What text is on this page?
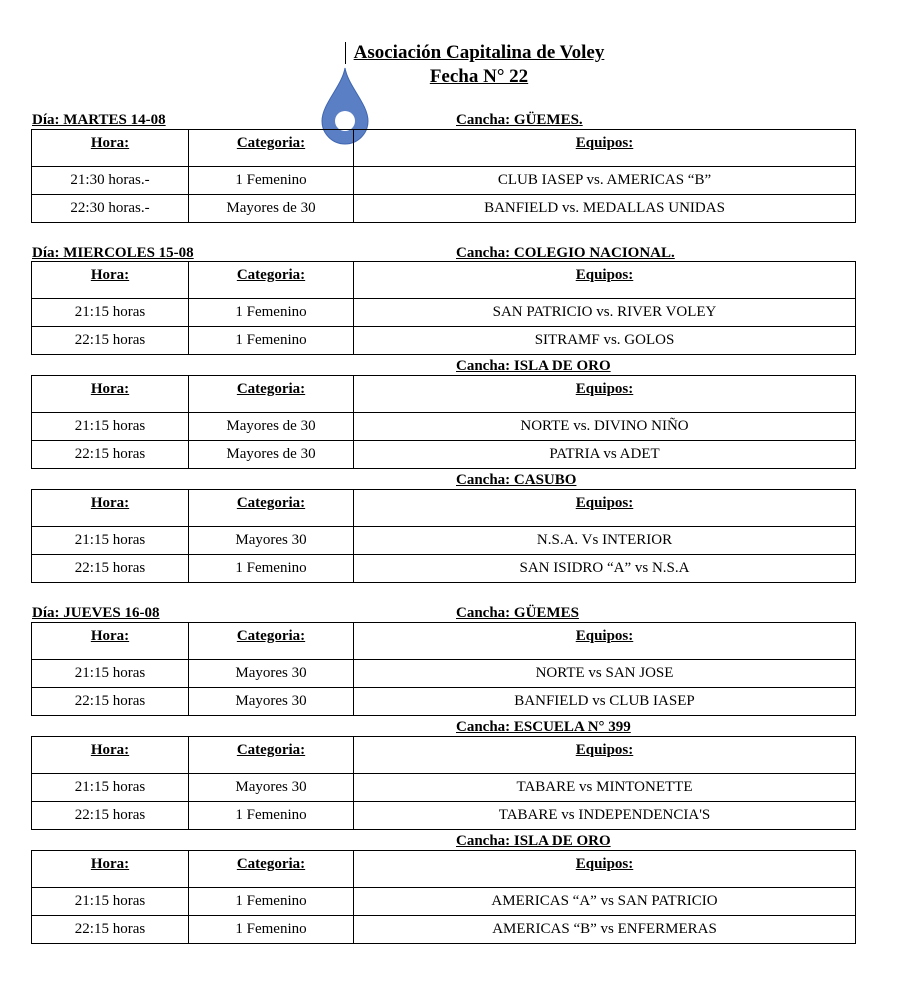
Asociación Capitalina de Voley
Fecha N° 22
Día: MARTES 14-08	Cancha: GÜEMES.
Hora:	Categoria:	Equipos:
21:30 horas.-	1 Femenino	CLUB IASEP vs. AMERICAS “B”
22:30 horas.-	Mayores de 30	BANFIELD vs. MEDALLAS UNIDAS
Día: MIERCOLES 15-08	Cancha: COLEGIO NACIONAL.
Hora:	Categoria:	Equipos:
21:15 horas	1 Femenino	SAN PATRICIO vs. RIVER VOLEY
22:15 horas	1 Femenino	SITRAMF vs. GOLOS
Cancha: ISLA DE ORO
Hora:	Categoria:	Equipos:
21:15 horas	Mayores de 30	NORTE vs. DIVINO NIÑO
22:15 horas	Mayores de 30	PATRIA vs ADET
Cancha: CASUBO
Hora:	Categoria:	Equipos:
21:15 horas	Mayores 30	N.S.A. Vs INTERIOR
22:15 horas	1 Femenino	SAN ISIDRO “A” vs N.S.A
Día: JUEVES 16-08	Cancha: GÜEMES
Hora:	Categoria:	Equipos:
21:15 horas	Mayores 30	NORTE vs SAN JOSE
22:15 horas	Mayores 30	BANFIELD vs CLUB IASEP
Cancha: ESCUELA N° 399
Hora:	Categoria:	Equipos:
21:15 horas	Mayores 30	TABARE vs MINTONETTE
22:15 horas	1 Femenino	TABARE vs INDEPENDENCIA'S
Cancha: ISLA DE ORO
Hora:	Categoria:	Equipos:
21:15 horas	1 Femenino	AMERICAS “A” vs SAN PATRICIO
22:15 horas	1 Femenino	AMERICAS “B” vs ENFERMERAS
